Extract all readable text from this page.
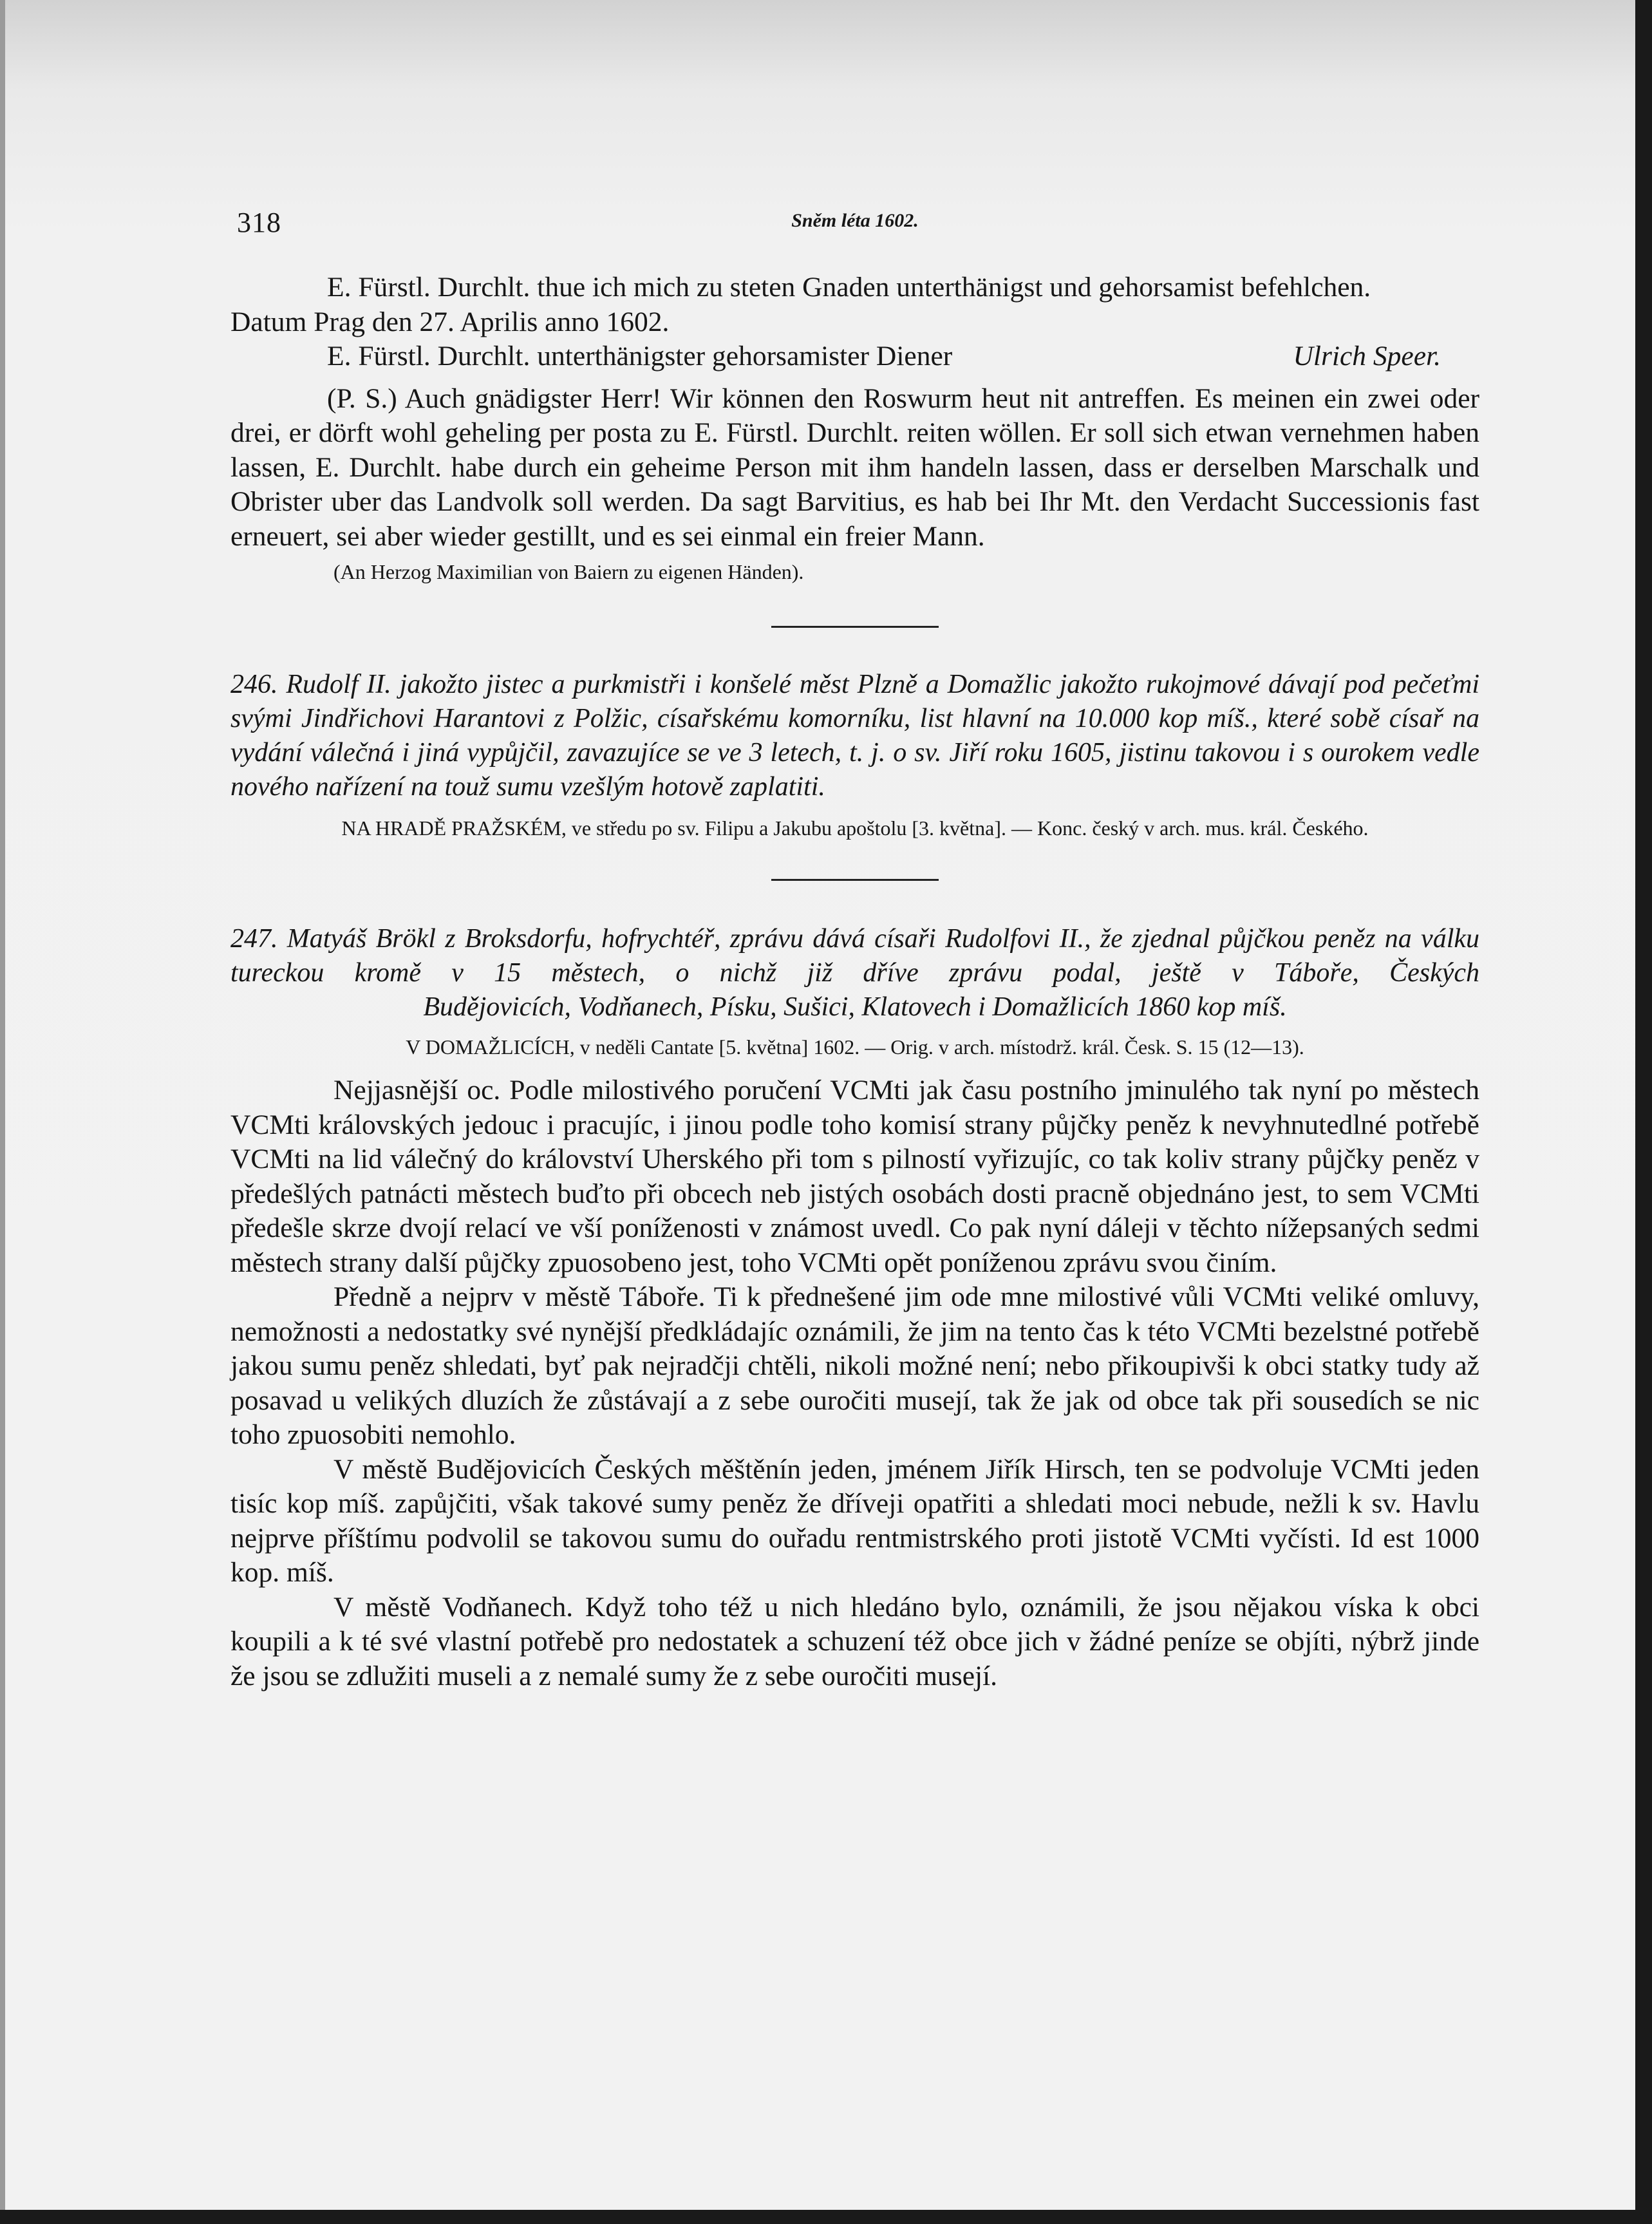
318	Sněm léta 1602.

E. Fürstl. Durchlt. thue ich mich zu steten Gnaden unterthänigst und gehorsamist befehlchen.

Datum Prag den 27. Aprilis anno 1602.

E. Fürstl. Durchlt. unterthänigster gehorsamister Diener	Ulrich Speer.

(P. S.) Auch gnädigster Herr! Wir können den Roswurm heut nit antreffen. Es meinen ein zwei oder drei, er dörft wohl geheling per posta zu E. Fürstl. Durchlt. reiten wöllen. Er soll sich etwan vernehmen haben lassen, E. Durchlt. habe durch ein geheime Person mit ihm handeln lassen, dass er derselben Marschalk und Obrister uber das Landvolk soll werden. Da sagt Barvitius, es hab bei Ihr Mt. den Verdacht Successionis fast erneuert, sei aber wieder gestillt, und es sei einmal ein freier Mann.

(An Herzog Maximilian von Baiern zu eigenen Händen).

246. Rudolf II. jakožto jistec a purkmistři i konšelé měst Plzně a Domažlic jakožto rukojmové dávají pod pečeťmi svými Jindřichovi Harantovi z Polžic, císařskému komorníku, list hlavní na 10.000 kop míš., které sobě císař na vydání válečná i jiná vypůjčil, zavazujíce se ve 3 letech, t. j. o sv. Jiří roku 1605, jistinu takovou i s ourokem vedle nového nařízení na touž sumu vzešlým hotově zaplatiti.

NA HRADĚ PRAŽSKÉM, ve středu po sv. Filipu a Jakubu apoštolu [3. května]. — Konc. český v arch. mus. král. Českého.

247. Matyáš Brökl z Broksdorfu, hofrychtéř, zprávu dává císaři Rudolfovi II., že zjednal půjčkou peněz na válku tureckou kromě v 15 městech, o nichž již dříve zprávu podal, ještě v Táboře, Českých

Budějovicích, Vodňanech, Písku, Sušici, Klatovech i Domažlicích 1860 kop míš.

V DOMAŽLICÍCH, v neděli Cantate [5. května] 1602. — Orig. v arch. místodrž. král. Česk. S. 15 (12—13).

Nejjasnější oc. Podle milostivého poručení VCMti jak času postního jminulého tak nyní po městech VCMti královských jedouc i pracujíc, i jinou podle toho komisí strany půjčky peněz k nevyhnutedlné potřebě VCMti na lid válečný do království Uherského při tom s pilností vyřizujíc, co tak koliv strany půjčky peněz v předešlých patnácti městech buďto při obcech neb jistých osobách dosti pracně objednáno jest, to sem VCMti předešle skrze dvojí relací ve vší poníženosti v známost uvedl. Co pak nyní dáleji v těchto nížepsaných sedmi městech strany další půjčky zpuosobeno jest, toho VCMti opět poníženou zprávu svou činím.

Předně a nejprv v městě Táboře. Ti k přednešené jim ode mne milostivé vůli VCMti veliké omluvy, nemožnosti a nedostatky své nynější předkládajíc oznámili, že jim na tento čas k této VCMti bezelstné potřebě jakou sumu peněz shledati, byť pak nejradčji chtěli, nikoli možné není; nebo přikoupivši k obci statky tudy až posavad u velikých dluzích že zůstávají a z sebe ouročiti musejí, tak že jak od obce tak při sousedích se nic toho zpuosobiti nemohlo.

V městě Budějovicích Českých měštěnín jeden, jménem Jiřík Hirsch, ten se podvoluje VCMti jeden tisíc kop míš. zapůjčiti, však takové sumy peněz že dříveji opatřiti a shledati moci nebude, nežli k sv. Havlu nejprve příštímu podvolil se takovou sumu do ouřadu rentmistrského proti jistotě VCMti vyčísti. Id est 1000 kop. míš.

V městě Vodňanech. Když toho též u nich hledáno bylo, oznámili, že jsou nějakou víska k obci koupili a k té své vlastní potřebě pro nedostatek a schuzení též obce jich v žádné peníze se objíti, nýbrž jinde že jsou se zdlužiti museli a z nemalé sumy že z sebe ouročiti musejí.
